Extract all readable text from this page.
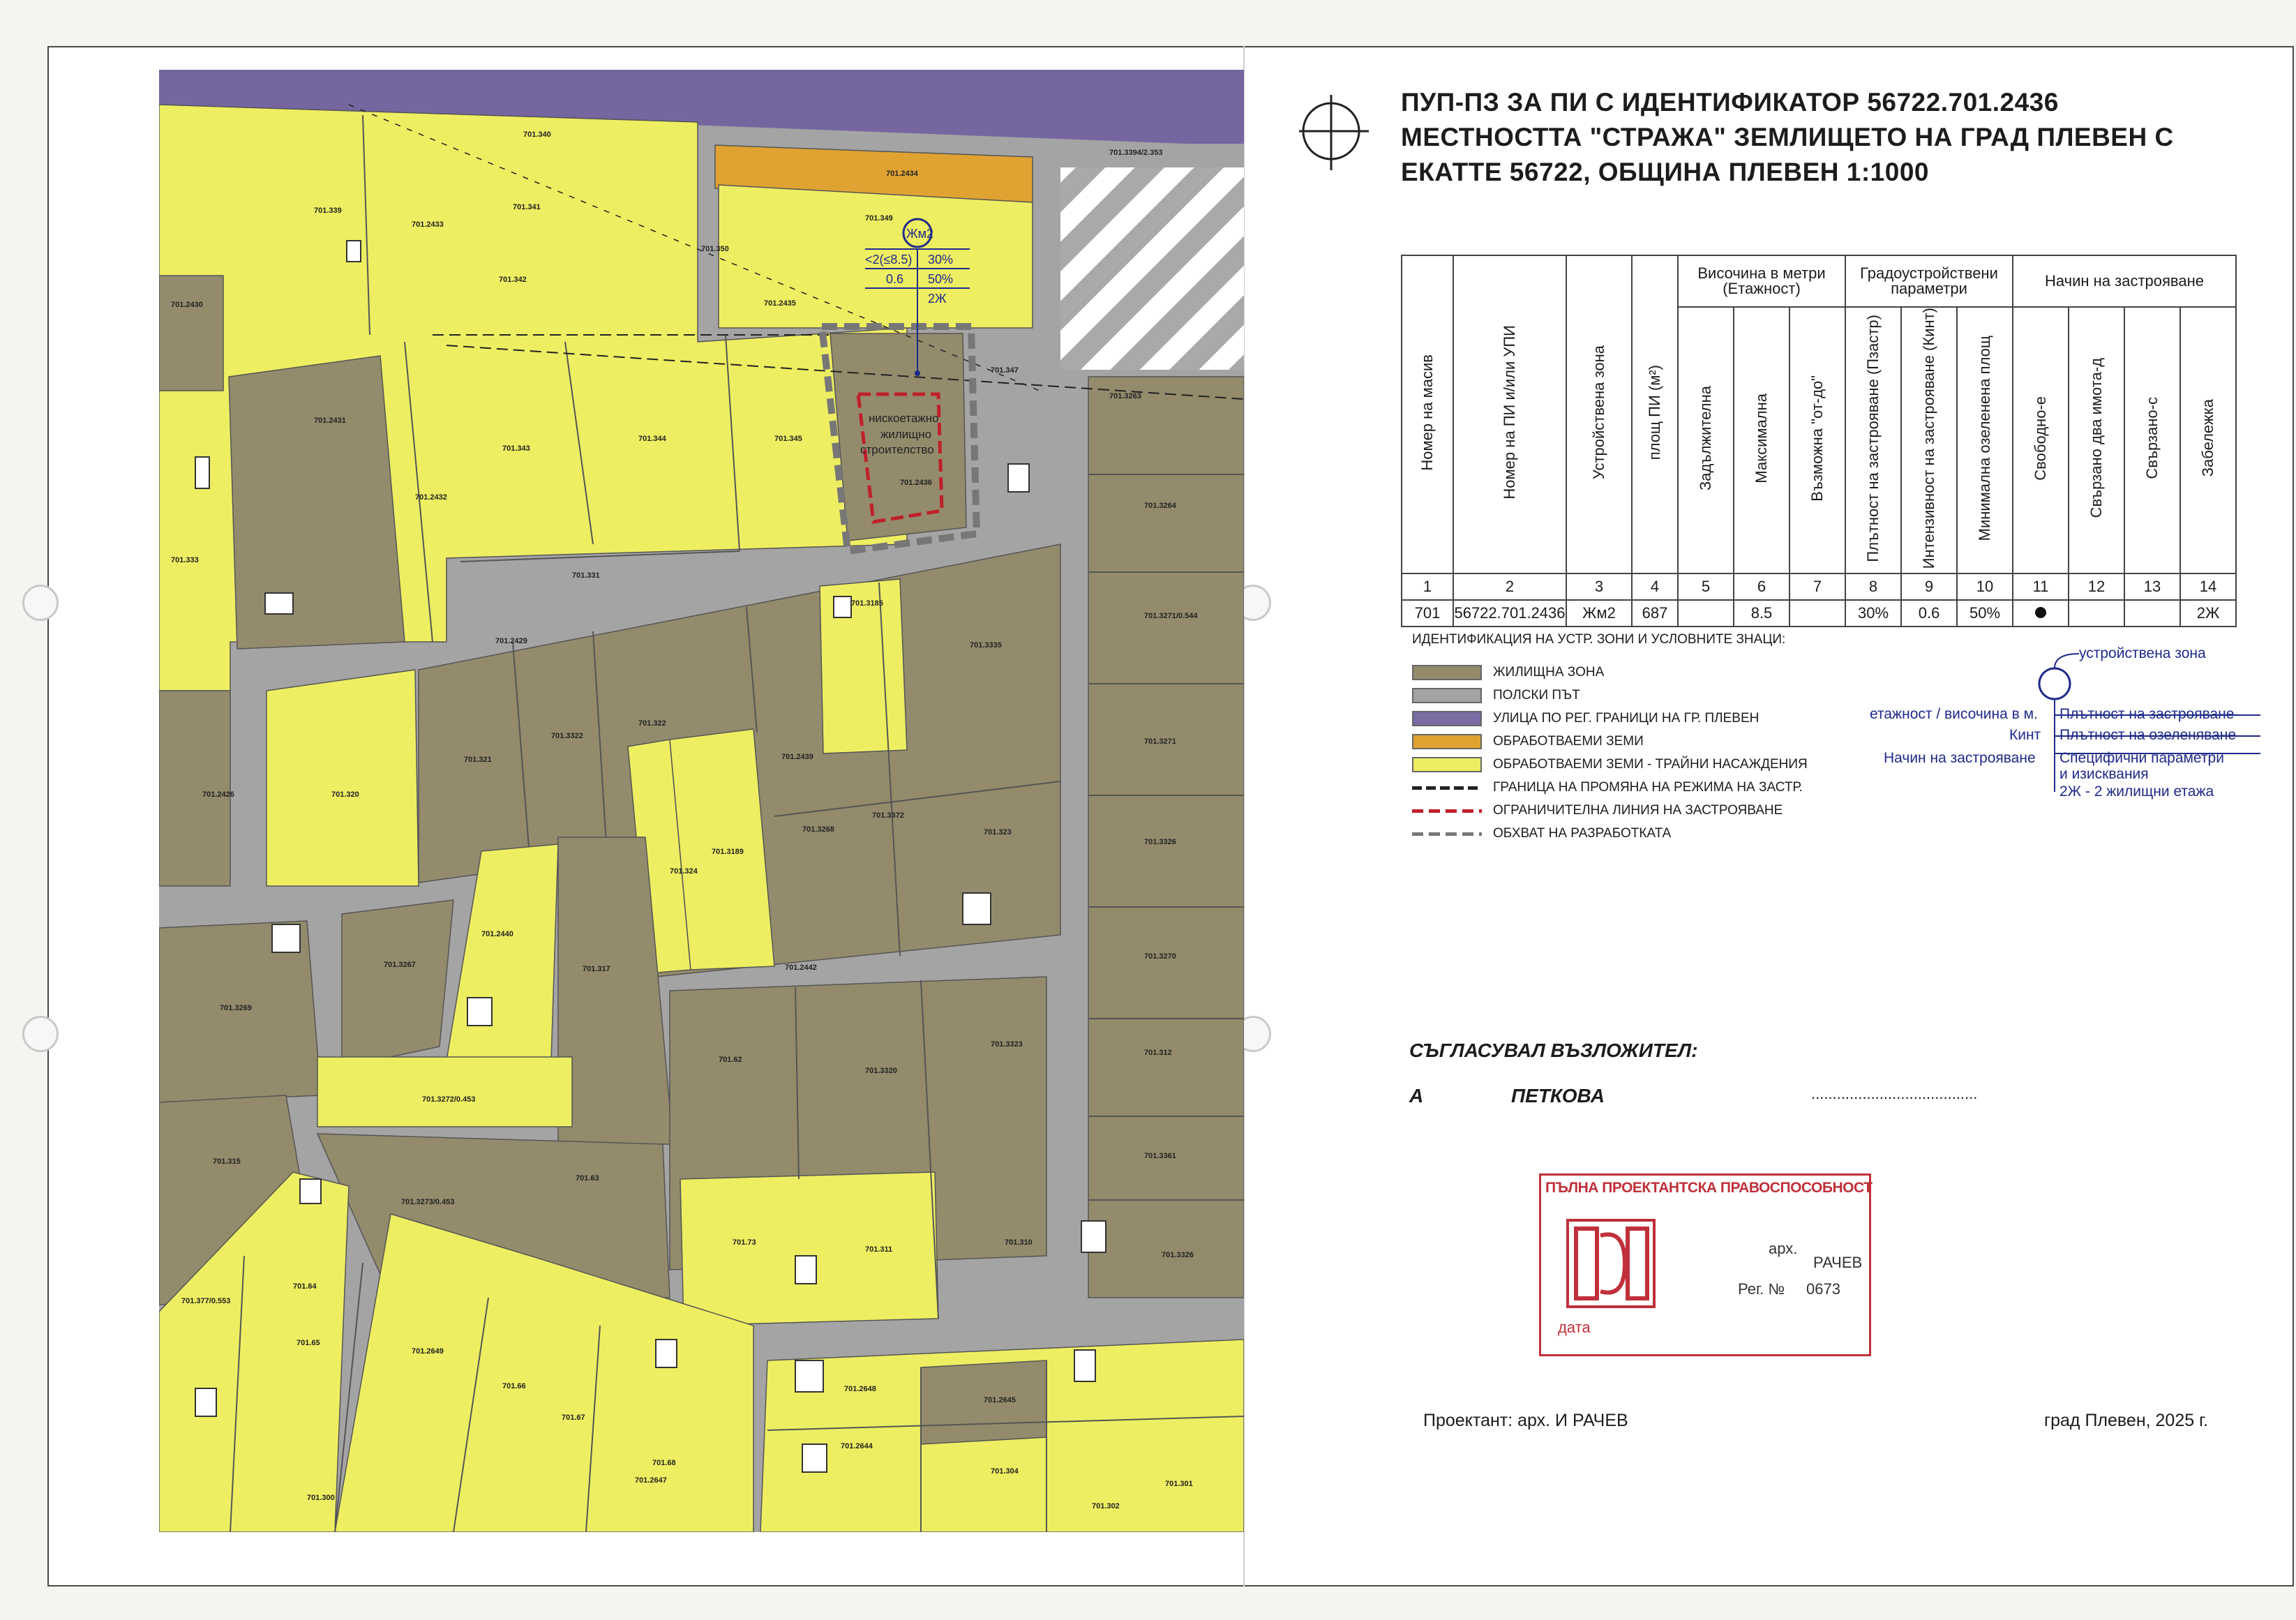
701.340
701.2434
701.3394/2.353
701.339
701.2433
701.341
701.349
701.350
701.342
701.2435
701.2430
701.347
701.2431
701.343
701.344	701.345
701.3263
701.3264
701.2432
701.333
701.331
701.3271/0.544
701.2429
701.3185
701.3335
701.3322
701.2426	701.320
701.321
701.322
701.2439
701.3271
701.3268
701.3372
701.3189
701.324
701.323
701.3326
701.3267
701.2440
701.317	701.2442
701.3270
701.3269
701.62
701.3320
701.3323
701.312
701.3272/0.453
701.315
701.63
701.3361
701.3273/0.453
701.73
701.311
701.310
701.3326
701.377/0.553
701.64
701.65
701.2649
701.66
701.67
701.68
701.2647
701.2648
701.2645
701.2644
701.304
701.302
701.301
701.300
Жм2
<2(≤8.5) 30%
0.6 50%
2Ж
нискоетажно
жилищно
строителство
701.2436
ПУП-ПЗ ЗА ПИ С ИДЕНТИФИКАТОР 56722.701.2436
МЕСТНОСТТА "СТРАЖА" ЗЕМЛИЩЕТО НА ГРАД ПЛЕВЕН С
ЕКАТТЕ 56722, ОБЩИНА ПЛЕВЕН 1:1000
Номер на масив	Номер на ПИ и/или УПИ	Устройствена зона	площ ПИ (м²)	Височина в метри (Етажност)			Градоустройствени параметри			Начин на застрояване			
				Задължителна	Максимална	Възможна "от-до"	Плътност на застрояване (Пзастр)	Интензивност на застрояване (Кинт)	Минимална озеленена площ	Свободно-е	Свързано два имота-д	Свързано-с	Забележка
1	2	3	4	5	6	7	8	9	10	11	12	13	14
701	56722.701.2436	Жм2	687		8.5		30%	0.6	50%				2Ж
ИДЕНТИФИКАЦИЯ НА УСТР. ЗОНИ И УСЛОВНИТЕ ЗНАЦИ:
ЖИЛИЩНА ЗОНА
ПОЛСКИ ПЪТ
УЛИЦА ПО РЕГ. ГРАНИЦИ НА ГР. ПЛЕВЕН
ОБРАБОТВАЕМИ ЗЕМИ
ОБРАБОТВАЕМИ ЗЕМИ - ТРАЙНИ НАСАЖДЕНИЯ
ГРАНИЦА НА ПРОМЯНА НА РЕЖИМА НА ЗАСТР.
ОГРАНИЧИТЕЛНА ЛИНИЯ НА ЗАСТРОЯВАНЕ
ОБХВАТ НА РАЗРАБОТКАТА
устройствена зона
етажност / височина в м. Плътност на застрояване
Кинт Плътност на озеленяване
Начин на застрояване Специфични параметри
и изисквания
2Ж - 2 жилищни етажа
СЪГЛАСУВАЛ ВЪЗЛОЖИТЕЛ:
А	ПЕТКОВА	.......................................
ПЪЛНА ПРОЕКТАНТСКА ПРАВОСПОСОБНОСТ
арх.
РАЧЕВ
Рег. № 0673
дата
Проектант: арх. И РАЧЕВ	град Плевен, 2025 г.
